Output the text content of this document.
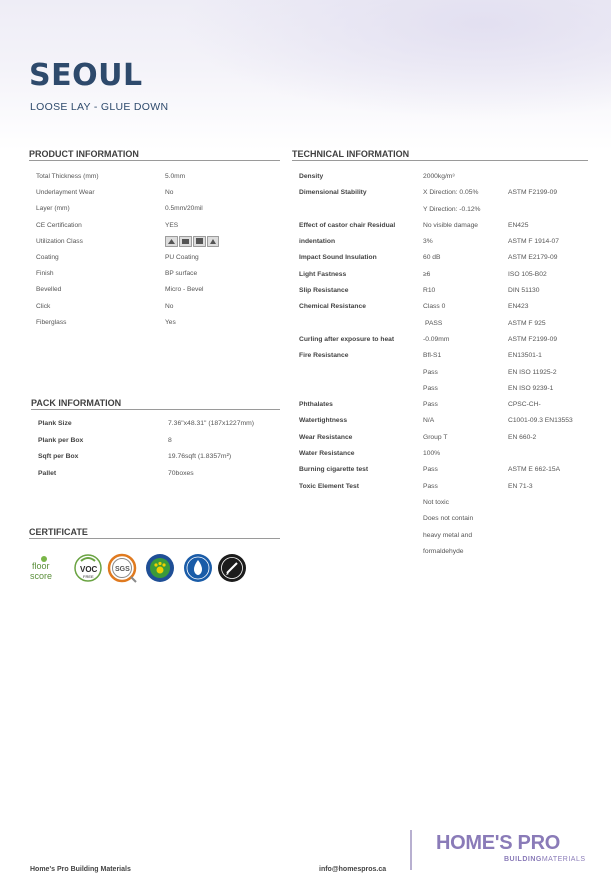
SEOUL
LOOSE LAY - GLUE DOWN
PRODUCT INFORMATION
Total Thickness (mm)	5.0mm
Underlayment Wear	No
Layer (mm)	0.5mm/20mil
CE Certification	YES
Utilization Class
Coating	PU Coating
Finish	BP surface
Bevelled	Micro - Bevel
Click	No
Fiberglass	Yes
PACK INFORMATION
Plank Size	7.36"x48.31" (187x1227mm)
Plank per Box	8
Sqft per Box	19.76sqft (1.8357m²)
Pallet	70boxes
TECHNICAL INFORMATION
Density	2000kg/m³
Dimensional Stability	X Direction: 0.05%	ASTM F2199-09
Y Direction: -0.12%
Effect of castor chair Residual	No visible damage	EN425
indentation	3%	ASTM F 1914-07
Impact Sound Insulation	60 dB	ASTM E2179-09
Light Fastness	≥6	ISO 105-B02
Slip Resistance	R10	DIN 51130
Chemical Resistance	Class 0	EN423
PASS	ASTM F 925
Curling after exposure to heat	-0.09mm	ASTM F2199-09
Fire Resistance	Bfl-S1	EN13501-1
Pass	EN ISO 11925-2
Pass	EN ISO 9239-1
Phthalates	Pass	CPSC-CH-
Watertightness	N/A	C1001-09.3 EN13553
Wear Resistance	Group T	EN 660-2
Water Resistance	100%
Burning cigarette test	Pass	ASTM E 662-15A
Toxic Element Test	Pass	EN 71-3
Not toxic
Does not contain
heavy metal and
formaldehyde
CERTIFICATE
floor
score
VOC
FREE
SGS
Home's Pro Building Materials	info@homespros.ca
HOME'S PRO
BUILDINGMATERIALS
